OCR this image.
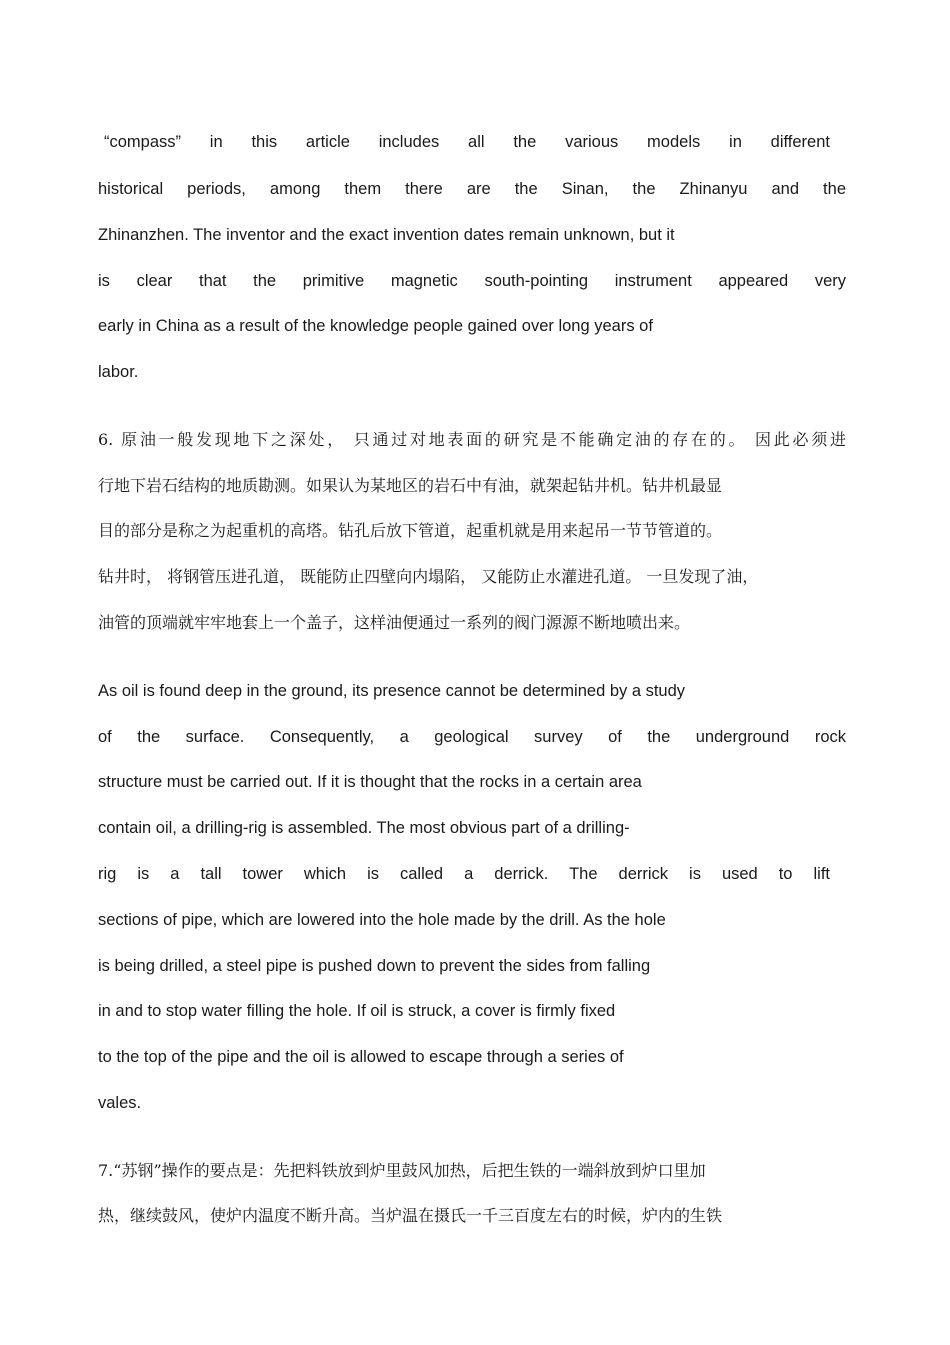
“compass” in this article includes all the various models in different
historical periods, among them there are the Sinan, the Zhinanyu and the
Zhinanzhen. The inventor and the exact invention dates remain unknown, but it
is clear that the primitive magnetic south-pointing instrument appeared very
early in China as a result of the knowledge people gained over long years of
labor.
6. 原油一般发现地下之深处， 只通过对地表面的研究是不能确定油的存在的。 因此必须进
行地下岩石结构的地质勘测。如果认为某地区的岩石中有油，就架起钻井机。钻井机最显
目的部分是称之为起重机的高塔。钻孔后放下管道，起重机就是用来起吊一节节管道的。
钻井时， 将钢管压进孔道， 既能防止四壁向内塌陷， 又能防止水灌进孔道。 一旦发现了油，
油管的顶端就牢牢地套上一个盖子，这样油便通过一系列的阀门源源不断地喷出来。
As oil is found deep in the ground, its presence cannot be determined by a study
of the surface. Consequently, a geological survey of the underground rock
structure must be carried out. If it is thought that the rocks in a certain area
contain oil, a drilling-rig is assembled. The most obvious part of a drilling-
rig is a tall tower which is called a derrick. The derrick is used to lift
sections of pipe, which are lowered into the hole made by the drill. As the hole
is being drilled, a steel pipe is pushed down to prevent the sides from falling
in and to stop water filling the hole. If oil is struck, a cover is firmly fixed
to the top of the pipe and the oil is allowed to escape through a series of
vales.
7.“苏钢”操作的要点是：先把料铁放到炉里鼓风加热，后把生铁的一端斜放到炉口里加
热，继续鼓风，使炉内温度不断升高。当炉温在摄氏一千三百度左右的时候，炉内的生铁
